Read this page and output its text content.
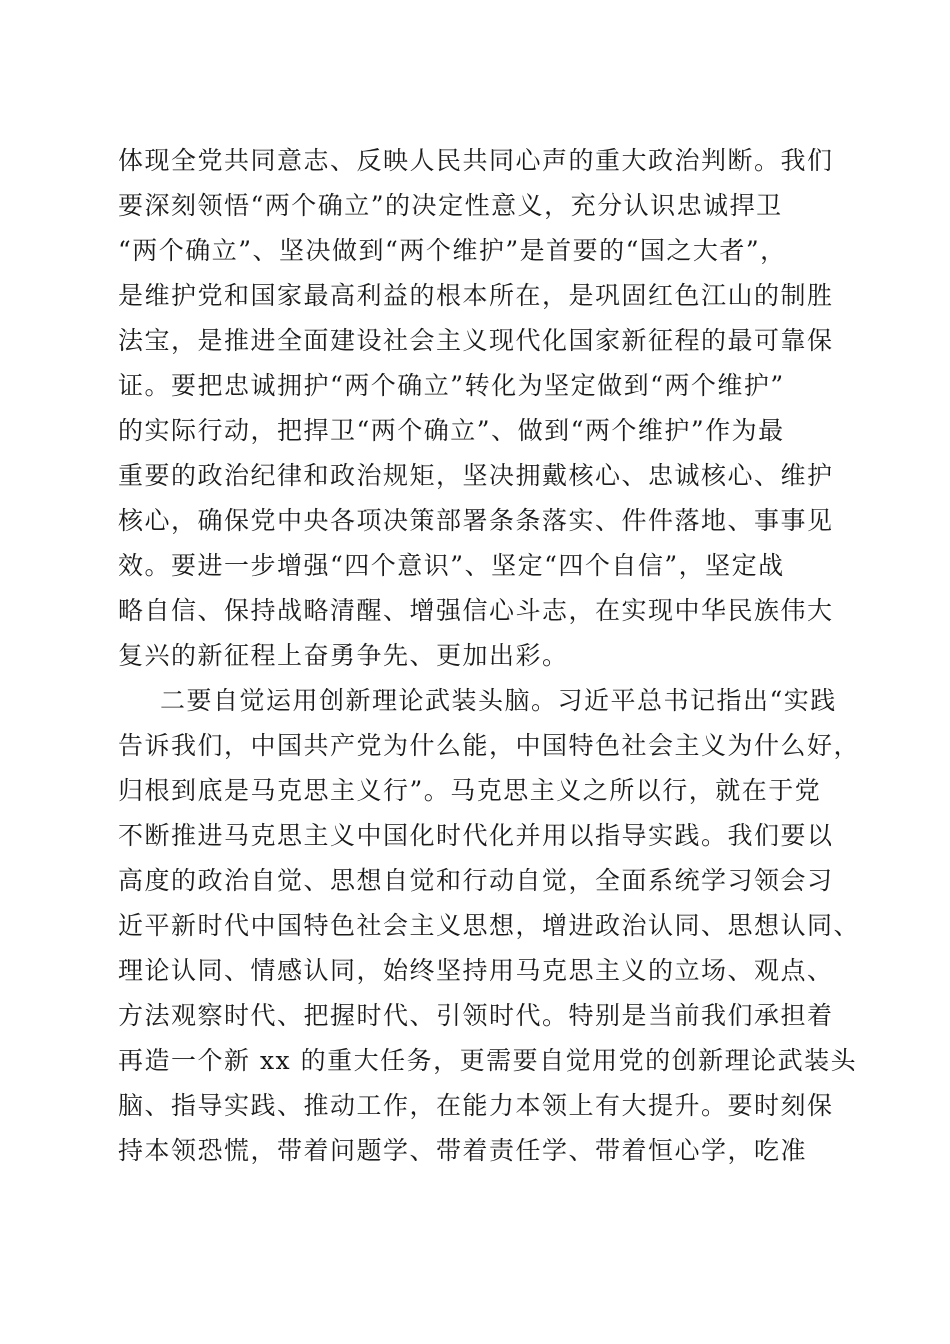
体现全党共同意志、反映人民共同心声的重大政治判断。我们
要深刻领悟“两个确立”的决定性意义，充分认识忠诚捍卫
“两个确立”、坚决做到“两个维护”是首要的“国之大者”，
是维护党和国家最高利益的根本所在，是巩固红色江山的制胜
法宝，是推进全面建设社会主义现代化国家新征程的最可靠保
证。要把忠诚拥护“两个确立”转化为坚定做到“两个维护”
的实际行动，把捍卫“两个确立”、做到“两个维护”作为最
重要的政治纪律和政治规矩，坚决拥戴核心、忠诚核心、维护
核心，确保党中央各项决策部署条条落实、件件落地、事事见
效。要进一步增强“四个意识”、坚定“四个自信”，坚定战
略自信、保持战略清醒、增强信心斗志，在实现中华民族伟大
复兴的新征程上奋勇争先、更加出彩。
二要自觉运用创新理论武装头脑。习近平总书记指出“实践
告诉我们，中国共产党为什么能，中国特色社会主义为什么好，
归根到底是马克思主义行”。马克思主义之所以行，就在于党
不断推进马克思主义中国化时代化并用以指导实践。我们要以
高度的政治自觉、思想自觉和行动自觉，全面系统学习领会习
近平新时代中国特色社会主义思想，增进政治认同、思想认同、
理论认同、情感认同，始终坚持用马克思主义的立场、观点、
方法观察时代、把握时代、引领时代。特别是当前我们承担着
再造一个新 xx 的重大任务，更需要自觉用党的创新理论武装头
脑、指导实践、推动工作，在能力本领上有大提升。要时刻保
持本领恐慌，带着问题学、带着责任学、带着恒心学，吃准
